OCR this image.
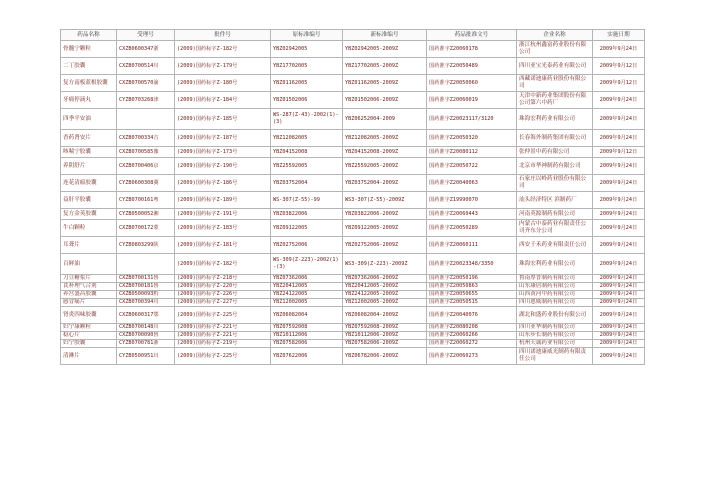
药品名称	受理号	批件号	原标准编号	新标准编号	药品批准文号	企业名称	实施日期
骨髓宁颗粒	CXZB0600347浙	(2009)国药标字Z-182号	YBZ02942005	YBZ02942005-2009Z	国药准字Z20060178	浙江杭州鑫富药业股份有限公司	2009年9月24日
二丁胶囊	CXZB0700514川	(2009)国药标字Z-179号	YBZ17702005	YBZ17702005-2009Z	国药准字Z20050489	四川亚宝光泰药业有限公司	2009年9月12日
复方南板蓝根胶囊	CXZB0700570渝	(2009)国药标字Z-180号	YBZ01162005	YBZ01162005-2009Z	国药准字Z20050060	西藏诺迪康药业股份有限公司	2009年9月12日
牙痛停滴丸	CYZB0703268津	(2009)国药标字Z-184号	YBZ01502006	YBZ01502006-2009Z	国药准字Z20060019	天津中新药业集团股份有限公司第六中药厂	2009年9月24日
四季平安油		(2009)国药标字Z-185号	WS-287(Z-43)-2002(1)-(3)	YBZ06252004-2009	国药准字Z20023117/3120	珠海宏利药业有限公司	2009年9月24日
香药肾安片	CXZB0700334吉	(2009)国药标字Z-187号	YBZ12082005	YBZ12082005-2009Z	国药准字Z20050320	长春海外制药集团有限公司	2009年9月24日
咳喘宁胶囊	CXZB0700585豫	(2009)国药标字Z-173号	YBZ04152008	YBZ04152008-2009Z	国药准字Z20080112	张仲景中药有限公司	2009年9月12日
养阴舒片	CXZB0700406京	(2009)国药标字Z-190号	YBZ25592005	YBZ25592005-2009Z	国药准字Z20050722	北京市华神制药有限公司	2009年9月24日
连花清瘟胶囊	CYZB0600308冀	(2009)国药标字Z-186号	YBZ03752004	YBZ03752004-2009Z	国药准字Z20040063	石家庄以岭药业股份有限公司	2009年9月24日
益肝平胶囊	CYZB0700161粤	(2009)国药标字Z-189号	WS-307(Z-55)-99	WS3-307(Z-55)-2009Z	国药准字Z19990070	汕头经济特区 滨制药厂	2009年9月24日
复方金英胶囊	CYZB0500052湘	(2009)国药标字Z-191号	YBZ03822006	YBZ03822006-2009Z	国药准字Z20060443	河南英源制药有限公司	2009年9月24日
牛白颗粒	CXZB0700172蒙	(2009)国药标字Z-183号	YBZ09122005	YBZ09122005-2009Z	国药准字Z20050289	内蒙古中泰药业有限责任公司齐东分公司	2009年9月24日
耳聋片	CYZB0803299陕	(2009)国药标字Z-181号	YBZ02752006	YBZ02752006-2009Z	国药准字Z20060111	西安千禾药业有限责任公司	2009年9月24日
百鲜油		(2009)国药标字Z-182号	WS-309(Z-223)-2002(1)-(3)	WS3-309(Z-223)-2009Z	国药准字Z20023348/3350	珠海宏利药业有限公司	2009年9月24日
刀豆糖浆片	CXZB0700131鲁	(2009)国药标字Z-218号	YBZ07362006	YBZ07362006-2009Z	国药准字Z20050196	鲁南厚普制药有限公司	2009年9月24日
芪补理气合剂	CXZB0700181鲁	(2009)国药标字Z-220号	YBZ20412005	YBZ20412005-2009Z	国药准字Z20050863	山东康居制药有限公司	2009年9月24日
养宫盛昌胶囊	CXZB0500093黔	(2009)国药标字Z-226号	YBZ24122005	YBZ24122005-2009Z	国药准字Z20050655	山西黄河中药有限公司	2009年9月24日
感冒痛片	CXZB0700394川	(2009)国药标字Z-227号	YBZ12002005	YBZ12002005-2009Z	国药准字Z20050515	四川恩威制药有限公司	2009年9月24日
肾炎四味胶囊	CXZB0600317鄂	(2009)国药标字Z-225号	YBZ06082004	YBZ06082004-2009Z	国药准字Z20040076	湖北和盛药业股份有限公司	2009年9月24日
妇宁康颗粒	CXZB0700148川	(2009)国药标字Z-221号	YBZ07592008	YBZ07592008-2009Z	国药准字Z20080208	四川亚华制药有限公司	2009年9月24日
稳心片	CXZB0700090鲁	(2009)国药标字Z-221号	YBZ10112006	YBZ10112006-2009Z	国药准字Z20060266	山东步长制药有限公司	2009年9月24日
妇宁胶囊	CYZB0700781浙	(2009)国药标字Z-219号	YBZ07582006	YBZ07582006-2009Z	国药准字Z20060272	杭州天诚药业有限公司	2009年9月24日
清淋片	CYZB0500951川	(2009)国药标字Z-225号	YBZ07622006	YBZ06782006-2009Z	国药准字Z20060273	四川诺迪康威光制药有限责任公司	2009年9月24日
